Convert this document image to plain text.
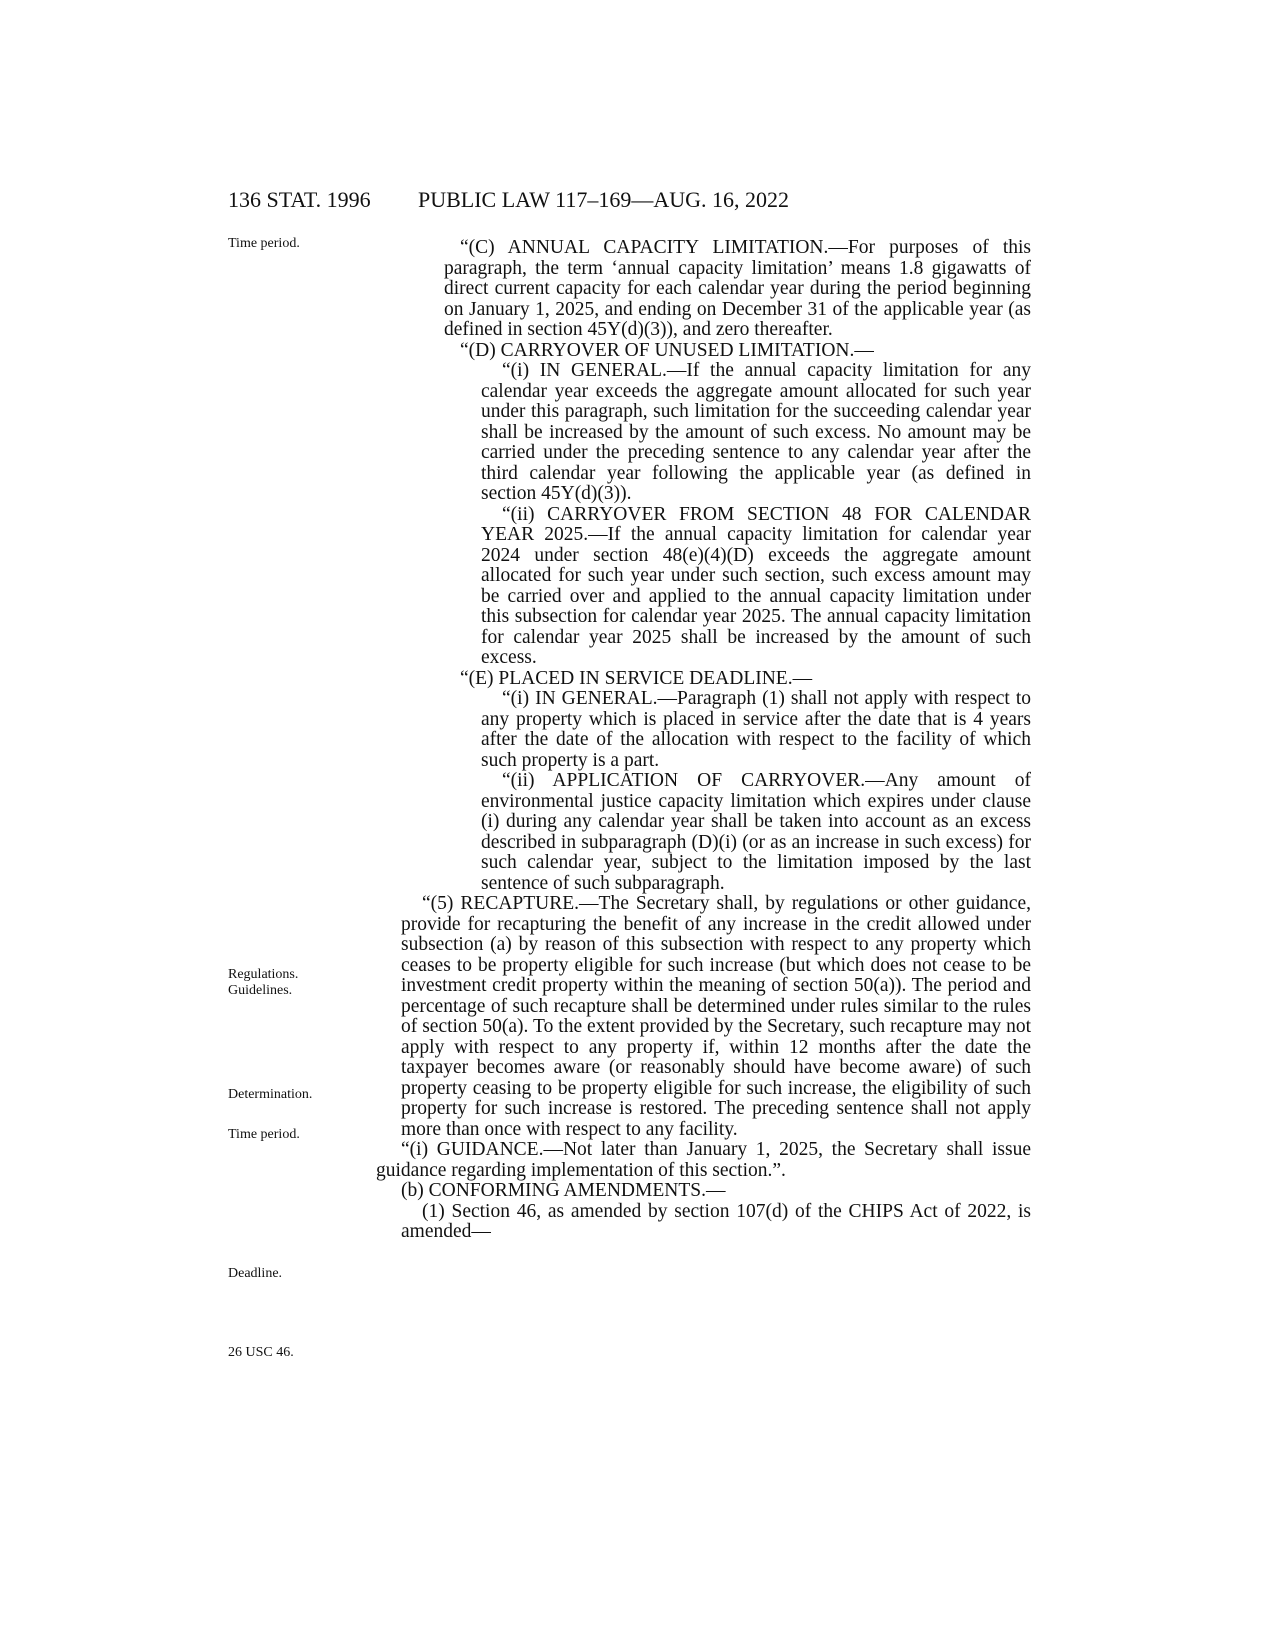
136 STAT. 1996 PUBLIC LAW 117–169—AUG. 16, 2022
Time period.
Regulations.
Guidelines.
Determination.
Time period.
Deadline.
26 USC 46.

“(C) ANNUAL CAPACITY LIMITATION.—For purposes of this paragraph, the term ‘annual capacity limitation’ means 1.8 gigawatts of direct current capacity for each calendar year during the period beginning on January 1, 2025, and ending on December 31 of the applicable year (as defined in section 45Y(d)(3)), and zero thereafter.

“(D) CARRYOVER OF UNUSED LIMITATION.—

“(i) IN GENERAL.—If the annual capacity limitation for any calendar year exceeds the aggregate amount allocated for such year under this paragraph, such limitation for the succeeding calendar year shall be increased by the amount of such excess. No amount may be carried under the preceding sentence to any calendar year after the third calendar year following the applicable year (as defined in section 45Y(d)(3)).

“(ii) CARRYOVER FROM SECTION 48 FOR CALENDAR YEAR 2025.—If the annual capacity limitation for calendar year 2024 under section 48(e)(4)(D) exceeds the aggregate amount allocated for such year under such section, such excess amount may be carried over and applied to the annual capacity limitation under this subsection for calendar year 2025. The annual capacity limitation for calendar year 2025 shall be increased by the amount of such excess.

“(E) PLACED IN SERVICE DEADLINE.—

“(i) IN GENERAL.—Paragraph (1) shall not apply with respect to any property which is placed in service after the date that is 4 years after the date of the allocation with respect to the facility of which such property is a part.

“(ii) APPLICATION OF CARRYOVER.—Any amount of environmental justice capacity limitation which expires under clause (i) during any calendar year shall be taken into account as an excess described in subparagraph (D)(i) (or as an increase in such excess) for such calendar year, subject to the limitation imposed by the last sentence of such subparagraph.

“(5) RECAPTURE.—The Secretary shall, by regulations or other guidance, provide for recapturing the benefit of any increase in the credit allowed under subsection (a) by reason of this subsection with respect to any property which ceases to be property eligible for such increase (but which does not cease to be investment credit property within the meaning of section 50(a)). The period and percentage of such recapture shall be determined under rules similar to the rules of section 50(a). To the extent provided by the Secretary, such recapture may not apply with respect to any property if, within 12 months after the date the taxpayer becomes aware (or reasonably should have become aware) of such property ceasing to be property eligible for such increase, the eligibility of such property for such increase is restored. The preceding sentence shall not apply more than once with respect to any facility.

“(i) GUIDANCE.—Not later than January 1, 2025, the Secretary shall issue guidance regarding implementation of this section.”.

(b) CONFORMING AMENDMENTS.—

(1) Section 46, as amended by section 107(d) of the CHIPS Act of 2022, is amended—
